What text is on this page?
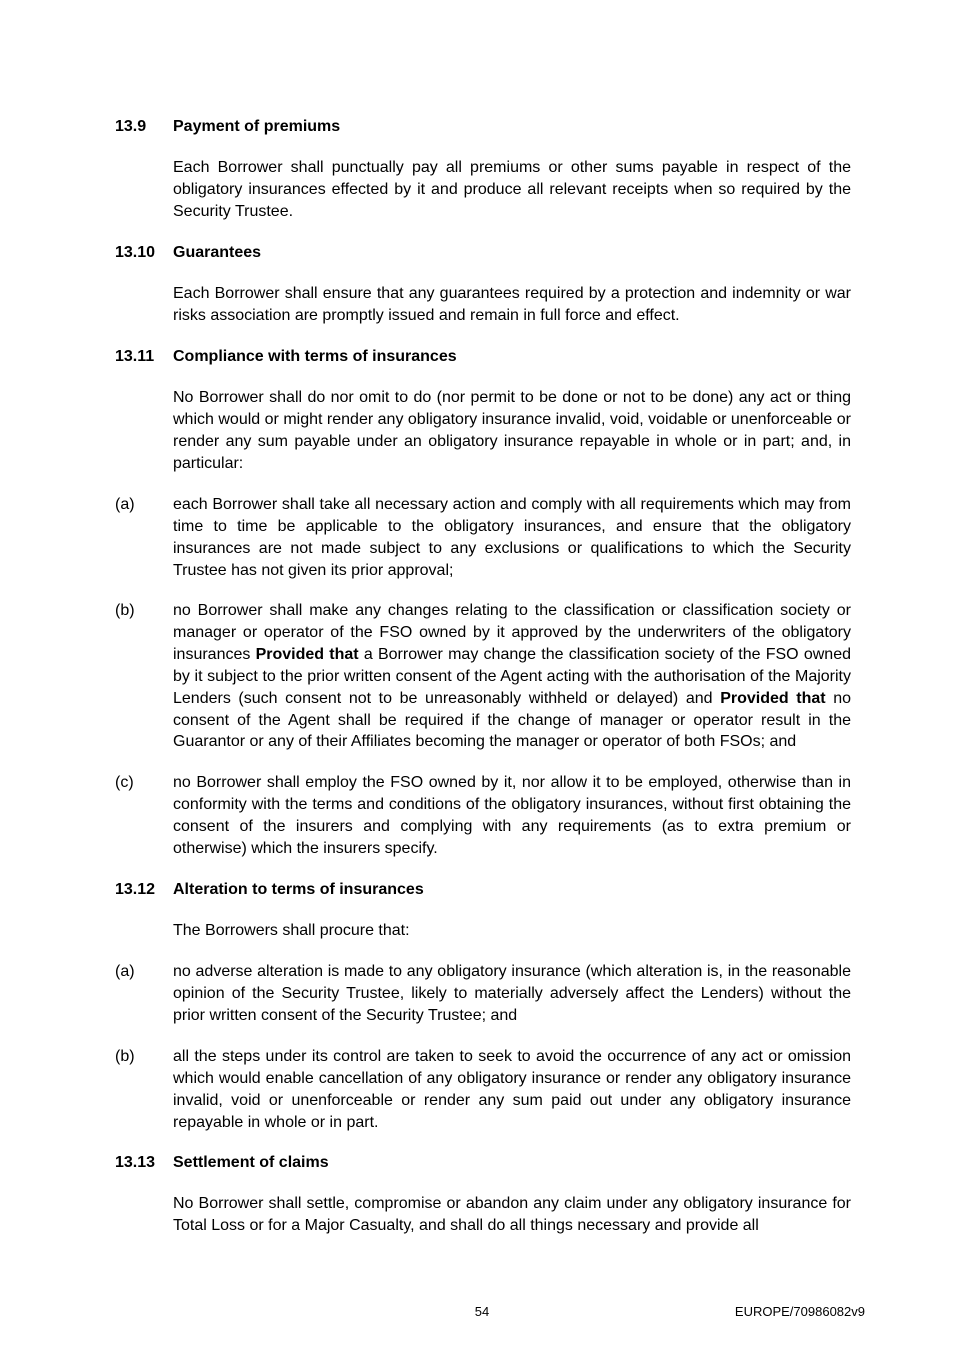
13.9 Payment of premiums
Each Borrower shall punctually pay all premiums or other sums payable in respect of the obligatory insurances effected by it and produce all relevant receipts when so required by the Security Trustee.
13.10 Guarantees
Each Borrower shall ensure that any guarantees required by a protection and indemnity or war risks association are promptly issued and remain in full force and effect.
13.11 Compliance with terms of insurances
No Borrower shall do nor omit to do (nor permit to be done or not to be done) any act or thing which would or might render any obligatory insurance invalid, void, voidable or unenforceable or render any sum payable under an obligatory insurance repayable in whole or in part; and, in particular:
(a) each Borrower shall take all necessary action and comply with all requirements which may from time to time be applicable to the obligatory insurances, and ensure that the obligatory insurances are not made subject to any exclusions or qualifications to which the Security Trustee has not given its prior approval;
(b) no Borrower shall make any changes relating to the classification or classification society or manager or operator of the FSO owned by it approved by the underwriters of the obligatory insurances Provided that a Borrower may change the classification society of the FSO owned by it subject to the prior written consent of the Agent acting with the authorisation of the Majority Lenders (such consent not to be unreasonably withheld or delayed) and Provided that no consent of the Agent shall be required if the change of manager or operator result in the Guarantor or any of their Affiliates becoming the manager or operator of both FSOs; and
(c) no Borrower shall employ the FSO owned by it, nor allow it to be employed, otherwise than in conformity with the terms and conditions of the obligatory insurances, without first obtaining the consent of the insurers and complying with any requirements (as to extra premium or otherwise) which the insurers specify.
13.12 Alteration to terms of insurances
The Borrowers shall procure that:
(a) no adverse alteration is made to any obligatory insurance (which alteration is, in the reasonable opinion of the Security Trustee, likely to materially adversely affect the Lenders) without the prior written consent of the Security Trustee; and
(b) all the steps under its control are taken to seek to avoid the occurrence of any act or omission which would enable cancellation of any obligatory insurance or render any obligatory insurance invalid, void or unenforceable or render any sum paid out under any obligatory insurance repayable in whole or in part.
13.13 Settlement of claims
No Borrower shall settle, compromise or abandon any claim under any obligatory insurance for Total Loss or for a Major Casualty, and shall do all things necessary and provide all
54	EUROPE/70986082v9
